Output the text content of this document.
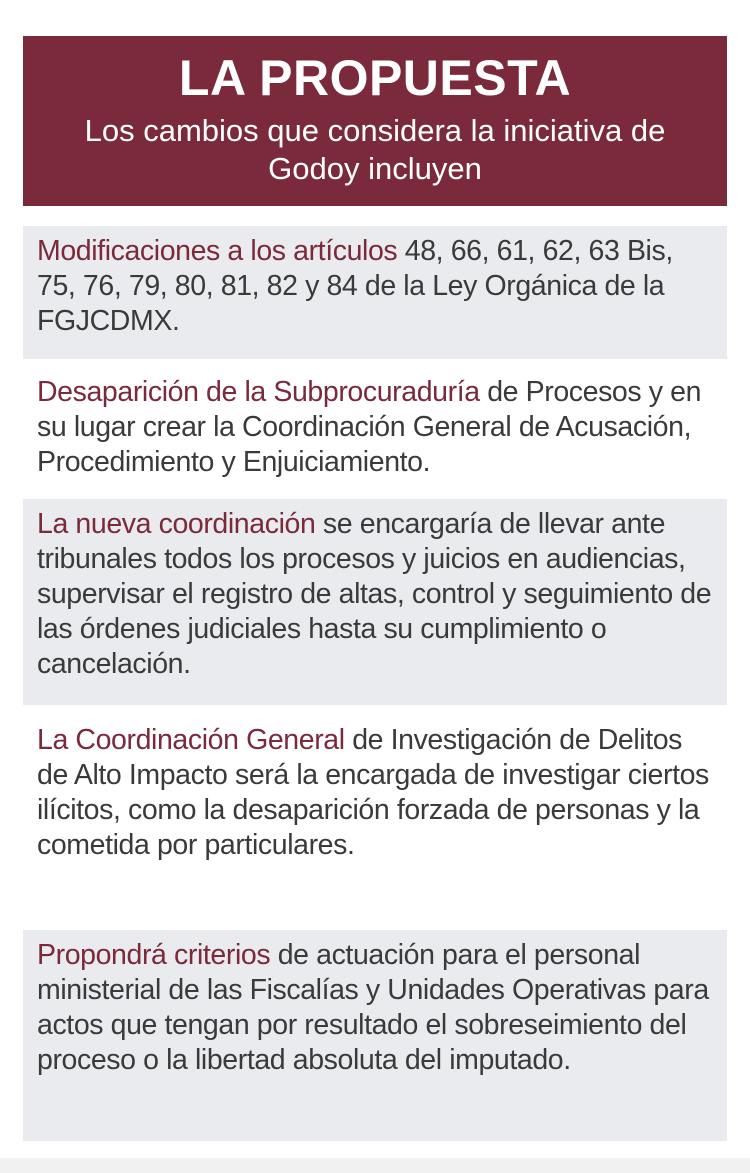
LA PROPUESTA
Los cambios que considera la iniciativa de Godoy incluyen
Modificaciones a los artículos 48, 66, 61, 62, 63 Bis, 75, 76, 79, 80, 81, 82 y 84 de la Ley Orgánica de la FGJCDMX.
Desaparición de la Subprocuraduría de Procesos y en su lugar crear la Coordinación General de Acusación, Procedimiento y Enjuiciamiento.
La nueva coordinación se encargaría de llevar ante tribunales todos los procesos y juicios en audiencias, supervisar el registro de altas, control y seguimiento de las órdenes judiciales hasta su cumplimiento o cancelación.
La Coordinación General de Investigación de Delitos de Alto Impacto será la encargada de investigar ciertos ilícitos, como la desaparición forzada de personas y la cometida por particulares.
Propondrá criterios de actuación para el personal ministerial de las Fiscalías y Unidades Operativas para actos que tengan por resultado el sobreseimiento del proceso o la libertad absoluta del imputado.
